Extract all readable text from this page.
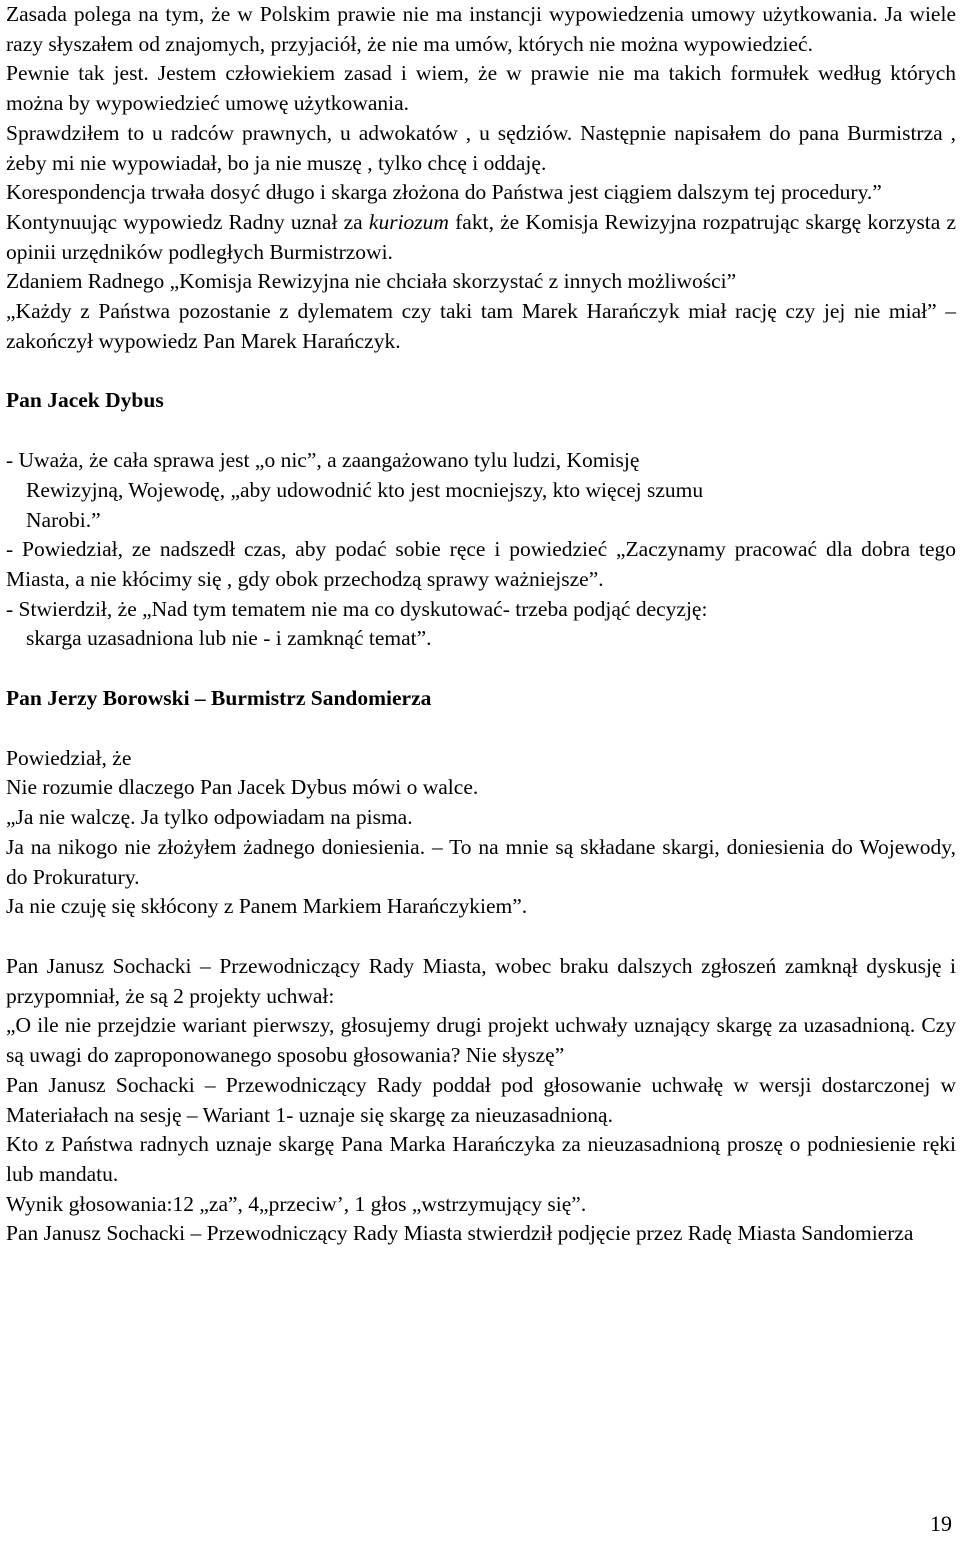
Zasada polega na tym, że w Polskim prawie nie ma instancji wypowiedzenia umowy użytkowania. Ja wiele razy słyszałem od znajomych, przyjaciół, że nie ma umów, których nie można wypowiedzieć.

Pewnie tak jest. Jestem człowiekiem zasad i wiem, że w prawie nie ma takich formułek według których można by wypowiedzieć umowę użytkowania.

Sprawdziłem to u radców prawnych, u adwokatów , u sędziów. Następnie napisałem do pana Burmistrza , żeby mi nie wypowiadał, bo ja nie muszę , tylko chcę i oddaję.

Korespondencja trwała dosyć długo i skarga złożona do Państwa jest ciągiem dalszym tej procedury.”

Kontynuując wypowiedz Radny uznał za kuriozum fakt, że Komisja Rewizyjna rozpatrując skargę korzysta z opinii urzędników podległych Burmistrzowi.

Zdaniem Radnego „Komisja Rewizyjna nie chciała skorzystać z innych możliwości”

„Każdy z Państwa pozostanie z dylematem czy taki tam Marek Harańczyk miał rację czy jej nie miał” – zakończył wypowiedz Pan Marek Harańczyk.

Pan Jacek Dybus

- Uważa, że cała sprawa jest „o nic”, a zaangażowano tylu ludzi, Komisję

Rewizyjną, Wojewodę, „aby udowodnić kto jest mocniejszy, kto więcej szumu

Narobi.”

- Powiedział, ze nadszedł czas, aby podać sobie ręce i powiedzieć „Zaczynamy pracować dla dobra tego Miasta, a nie kłócimy się , gdy obok przechodzą sprawy ważniejsze”.

- Stwierdził, że „Nad tym tematem nie ma co dyskutować- trzeba podjąć decyzję:

skarga uzasadniona lub nie - i zamknąć temat”.

Pan Jerzy Borowski – Burmistrz Sandomierza

Powiedział, że

Nie rozumie dlaczego Pan Jacek Dybus mówi o walce.

„Ja nie walczę. Ja tylko odpowiadam na pisma.

Ja na nikogo nie złożyłem żadnego doniesienia. – To na mnie są składane skargi, doniesienia do Wojewody, do Prokuratury.

Ja nie czuję się skłócony z Panem Markiem Harańczykiem”.

Pan Janusz Sochacki – Przewodniczący Rady Miasta, wobec braku dalszych zgłoszeń zamknął dyskusję i przypomniał, że są 2 projekty uchwał:

„O ile nie przejdzie wariant pierwszy, głosujemy drugi projekt uchwały uznający skargę za uzasadnioną. Czy są uwagi do zaproponowanego sposobu głosowania? Nie słyszę”

Pan Janusz Sochacki – Przewodniczący Rady poddał pod głosowanie uchwałę w wersji dostarczonej w Materiałach na sesję – Wariant 1- uznaje się skargę za nieuzasadnioną.

Kto z Państwa radnych uznaje skargę Pana Marka Harańczyka za nieuzasadnioną proszę o podniesienie ręki lub mandatu.

Wynik głosowania:12 „za”, 4„przeciw’, 1 głos „wstrzymujący się”.

Pan Janusz Sochacki – Przewodniczący Rady Miasta stwierdził podjęcie przez Radę Miasta Sandomierza

19
